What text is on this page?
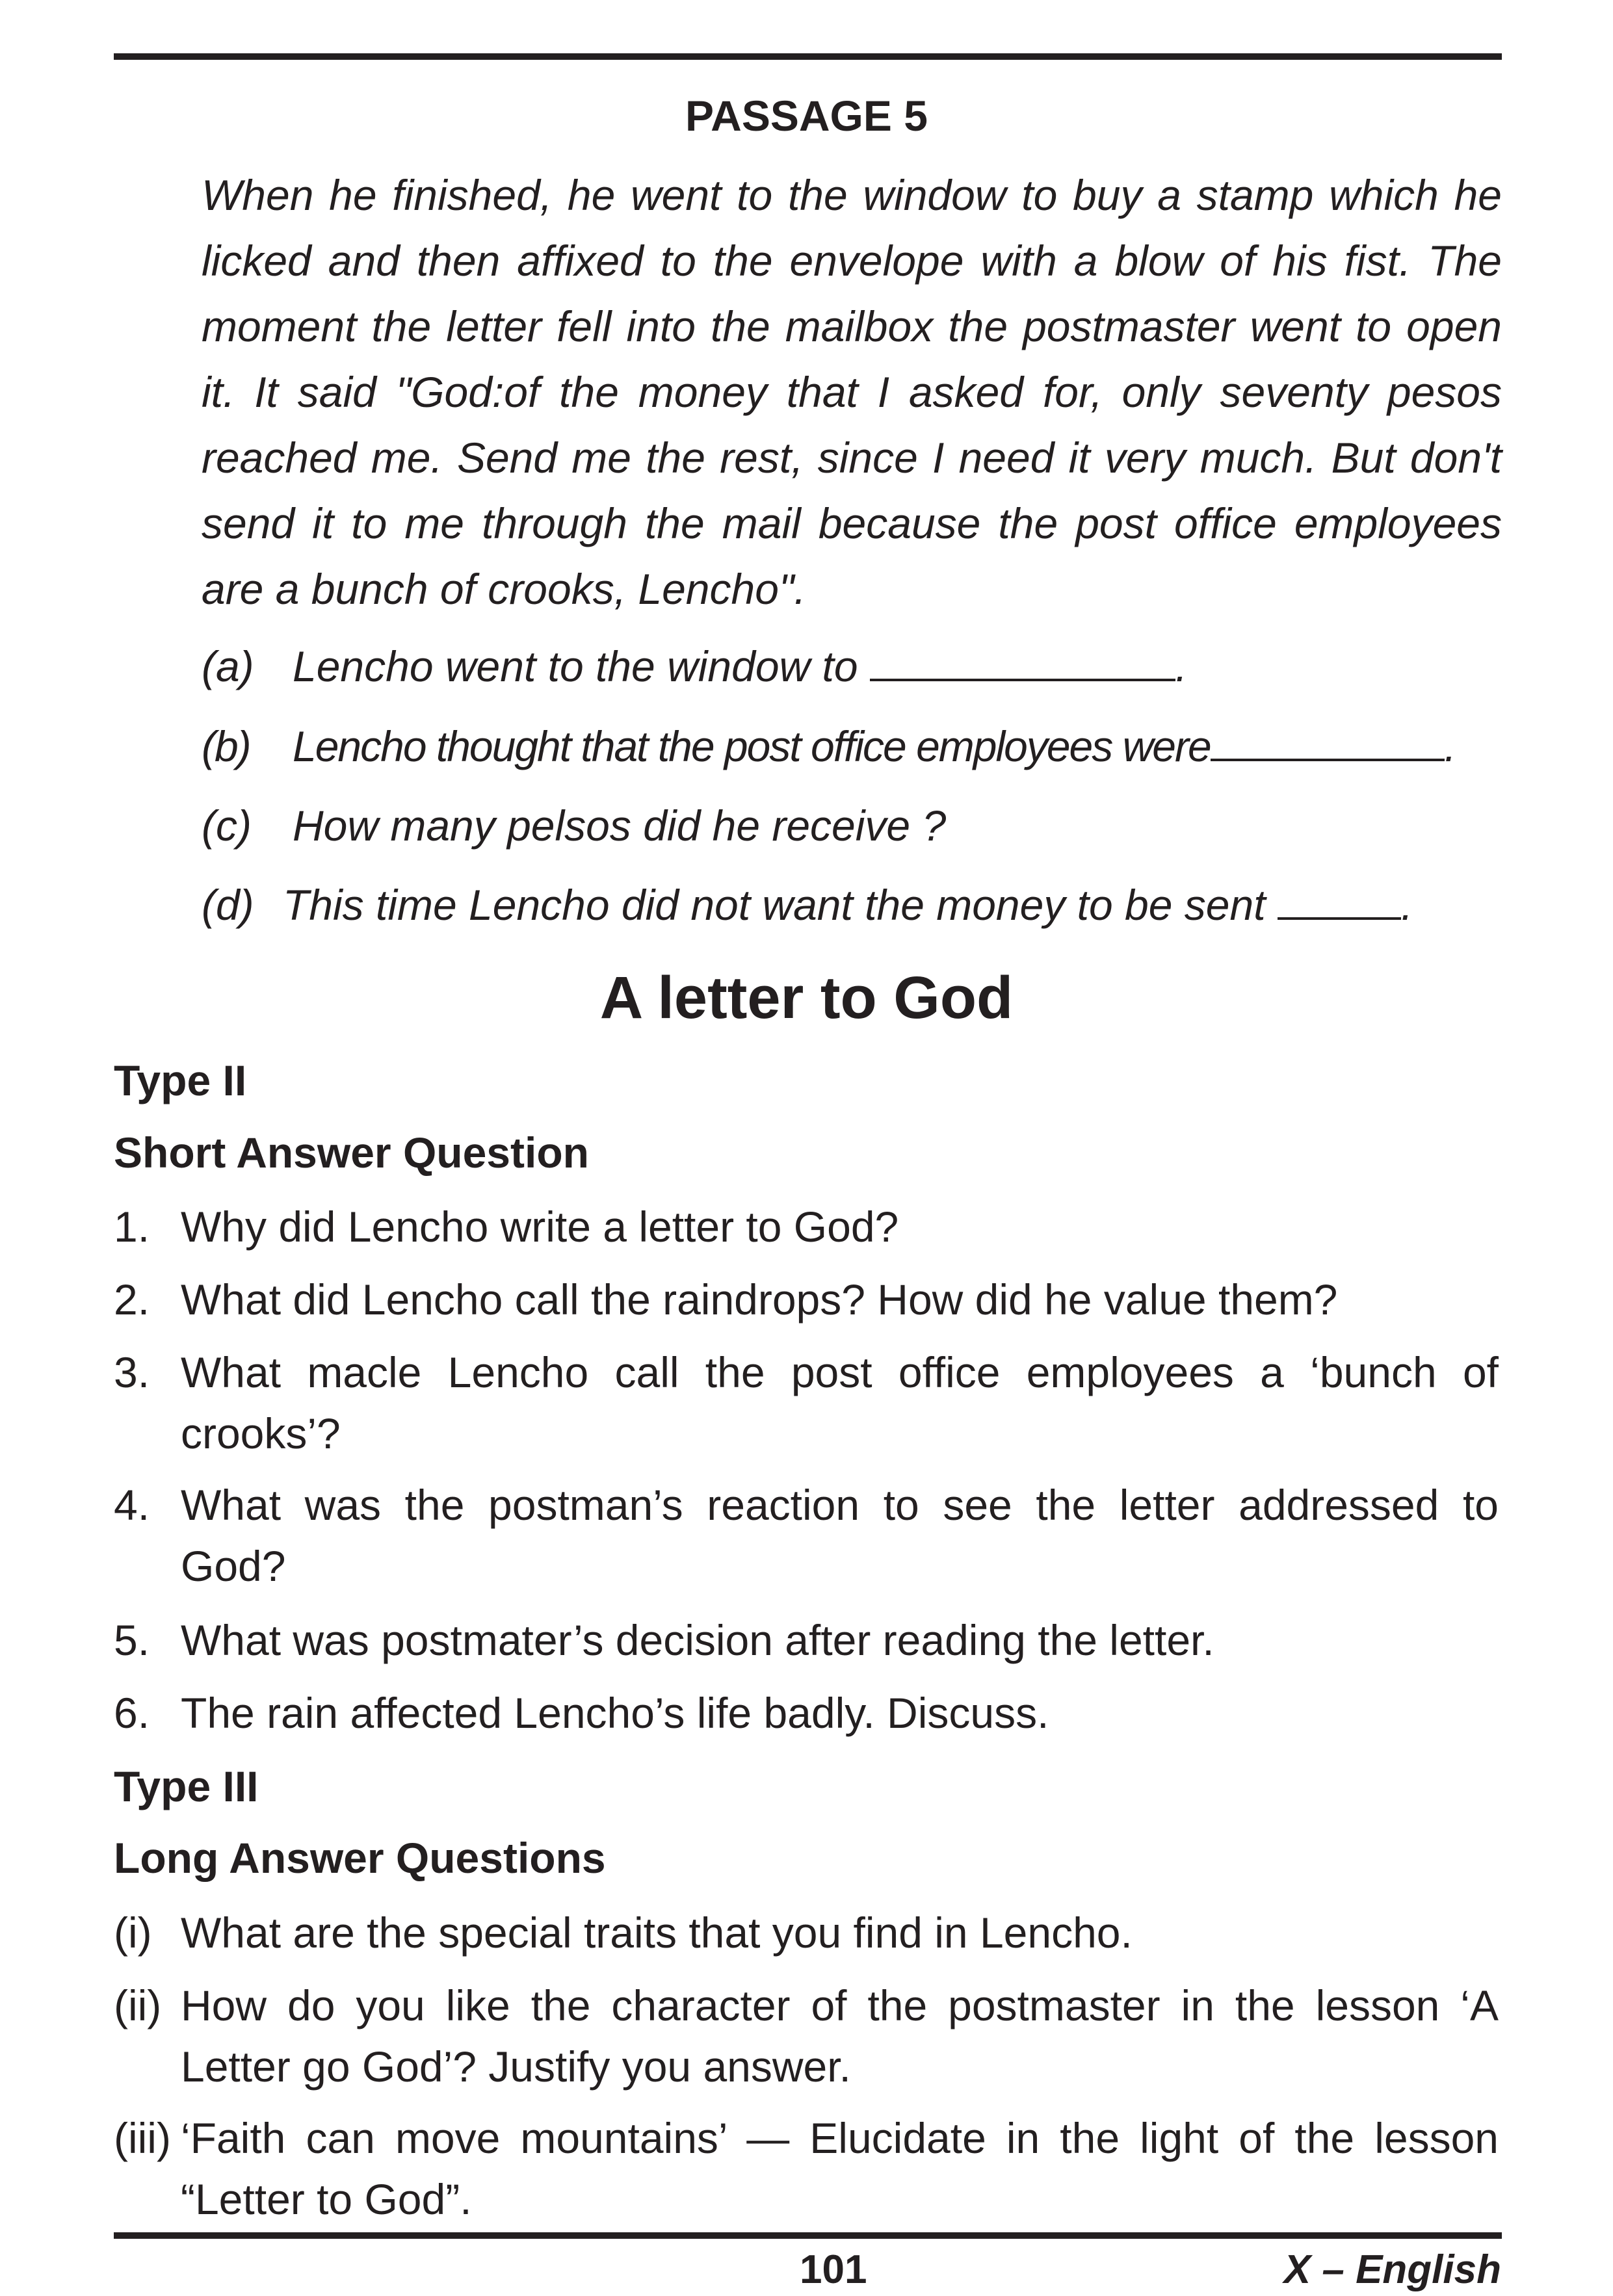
PASSAGE 5

When he finished, he went to the window to buy a stamp which he
licked and then affixed to the envelope with a blow of his fist. The
moment the letter fell into the mailbox the postmaster went to open
it. It said "God:of the money that I asked for, only seventy pesos
reached me. Send me the rest, since I need it very much. But don't
send it to me through the mail because the post office employees
are a bunch of crooks, Lencho".

(a) Lencho went to the window to	.
(b) Lencho thought that the post office employees were	.
(c) How many pelsos did he receive ?
(d) This time Lencho did not want the money to be sent	.
A letter to God
Type II
Short Answer Question
1. Why did Lencho write a letter to God?
2. What did Lencho call the raindrops? How did he value them?
3. What macle Lencho call the post office employees a ‘bunch of
crooks’?
4. What was the postman’s reaction to see the letter addressed to
God?
5. What was postmater’s decision after reading the letter.
6. The rain affected Lencho’s life badly. Discuss.
Type III
Long Answer Questions
(i) What are the special traits that you find in Lencho.
(ii) How do you like the character of the postmaster in the lesson ‘A
Letter go God’? Justify you answer.
(iii) ‘Faith can move mountains’ — Elucidate in the light of the lesson
“Letter to God”.
101	X – English
